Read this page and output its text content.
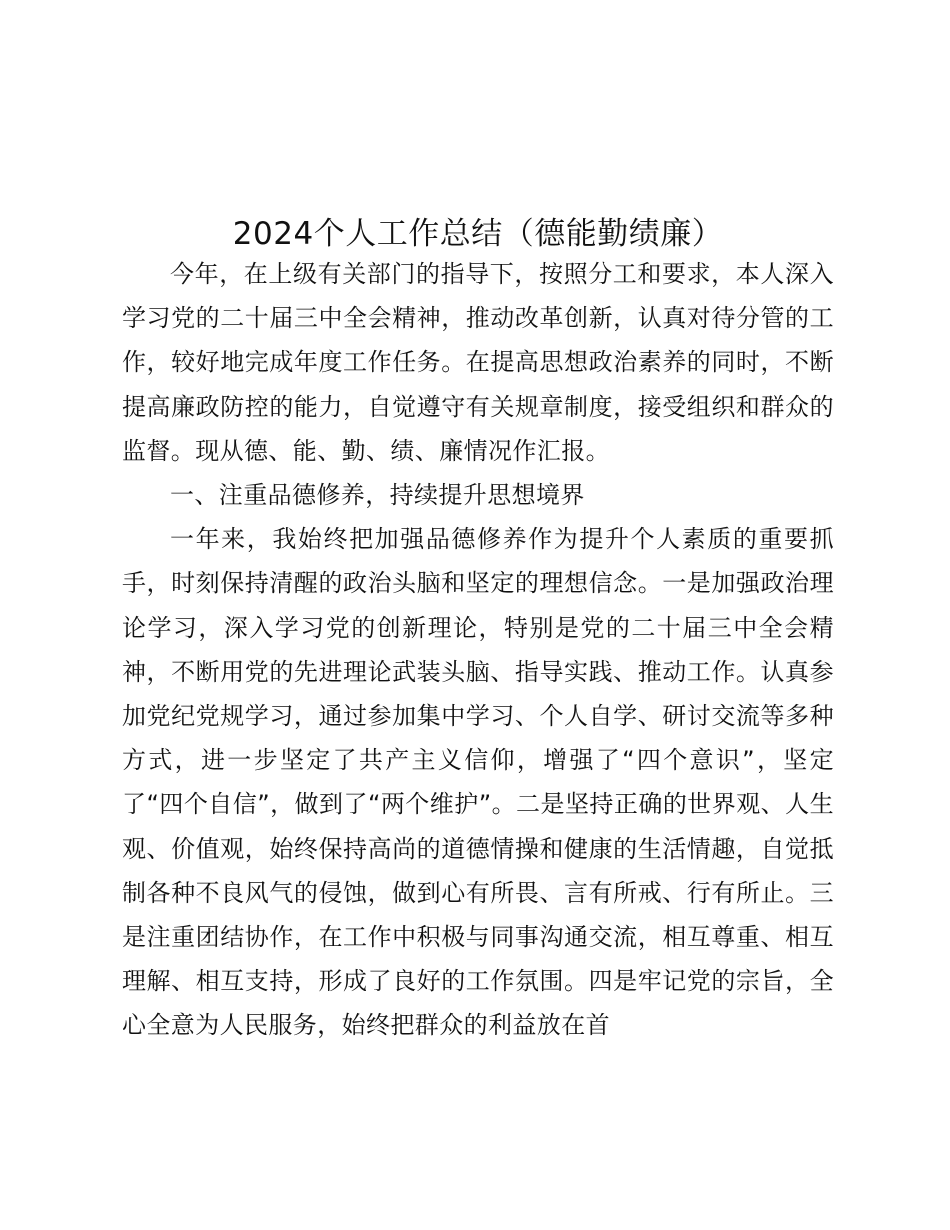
2024个人工作总结（德能勤绩廉）

今年，在上级有关部门的指导下，按照分工和要求，本人深入学习党的二十届三中全会精神，推动改革创新，认真对待分管的工作，较好地完成年度工作任务。在提高思想政治素养的同时，不断提高廉政防控的能力，自觉遵守有关规章制度，接受组织和群众的监督。现从德、能、勤、绩、廉情况作汇报。

一、注重品德修养，持续提升思想境界

一年来，我始终把加强品德修养作为提升个人素质的重要抓手，时刻保持清醒的政治头脑和坚定的理想信念。一是加强政治理论学习，深入学习党的创新理论，特别是党的二十届三中全会精神，不断用党的先进理论武装头脑、指导实践、推动工作。认真参加党纪党规学习，通过参加集中学习、个人自学、研讨交流等多种方式，进一步坚定了共产主义信仰，增强了“四个意识”，坚定了“四个自信”，做到了“两个维护”。二是坚持正确的世界观、人生观、价值观，始终保持高尚的道德情操和健康的生活情趣，自觉抵制各种不良风气的侵蚀，做到心有所畏、言有所戒、行有所止。三是注重团结协作，在工作中积极与同事沟通交流，相互尊重、相互理解、相互支持，形成了良好的工作氛围。四是牢记党的宗旨，全心全意为人民服务，始终把群众的利益放在首
